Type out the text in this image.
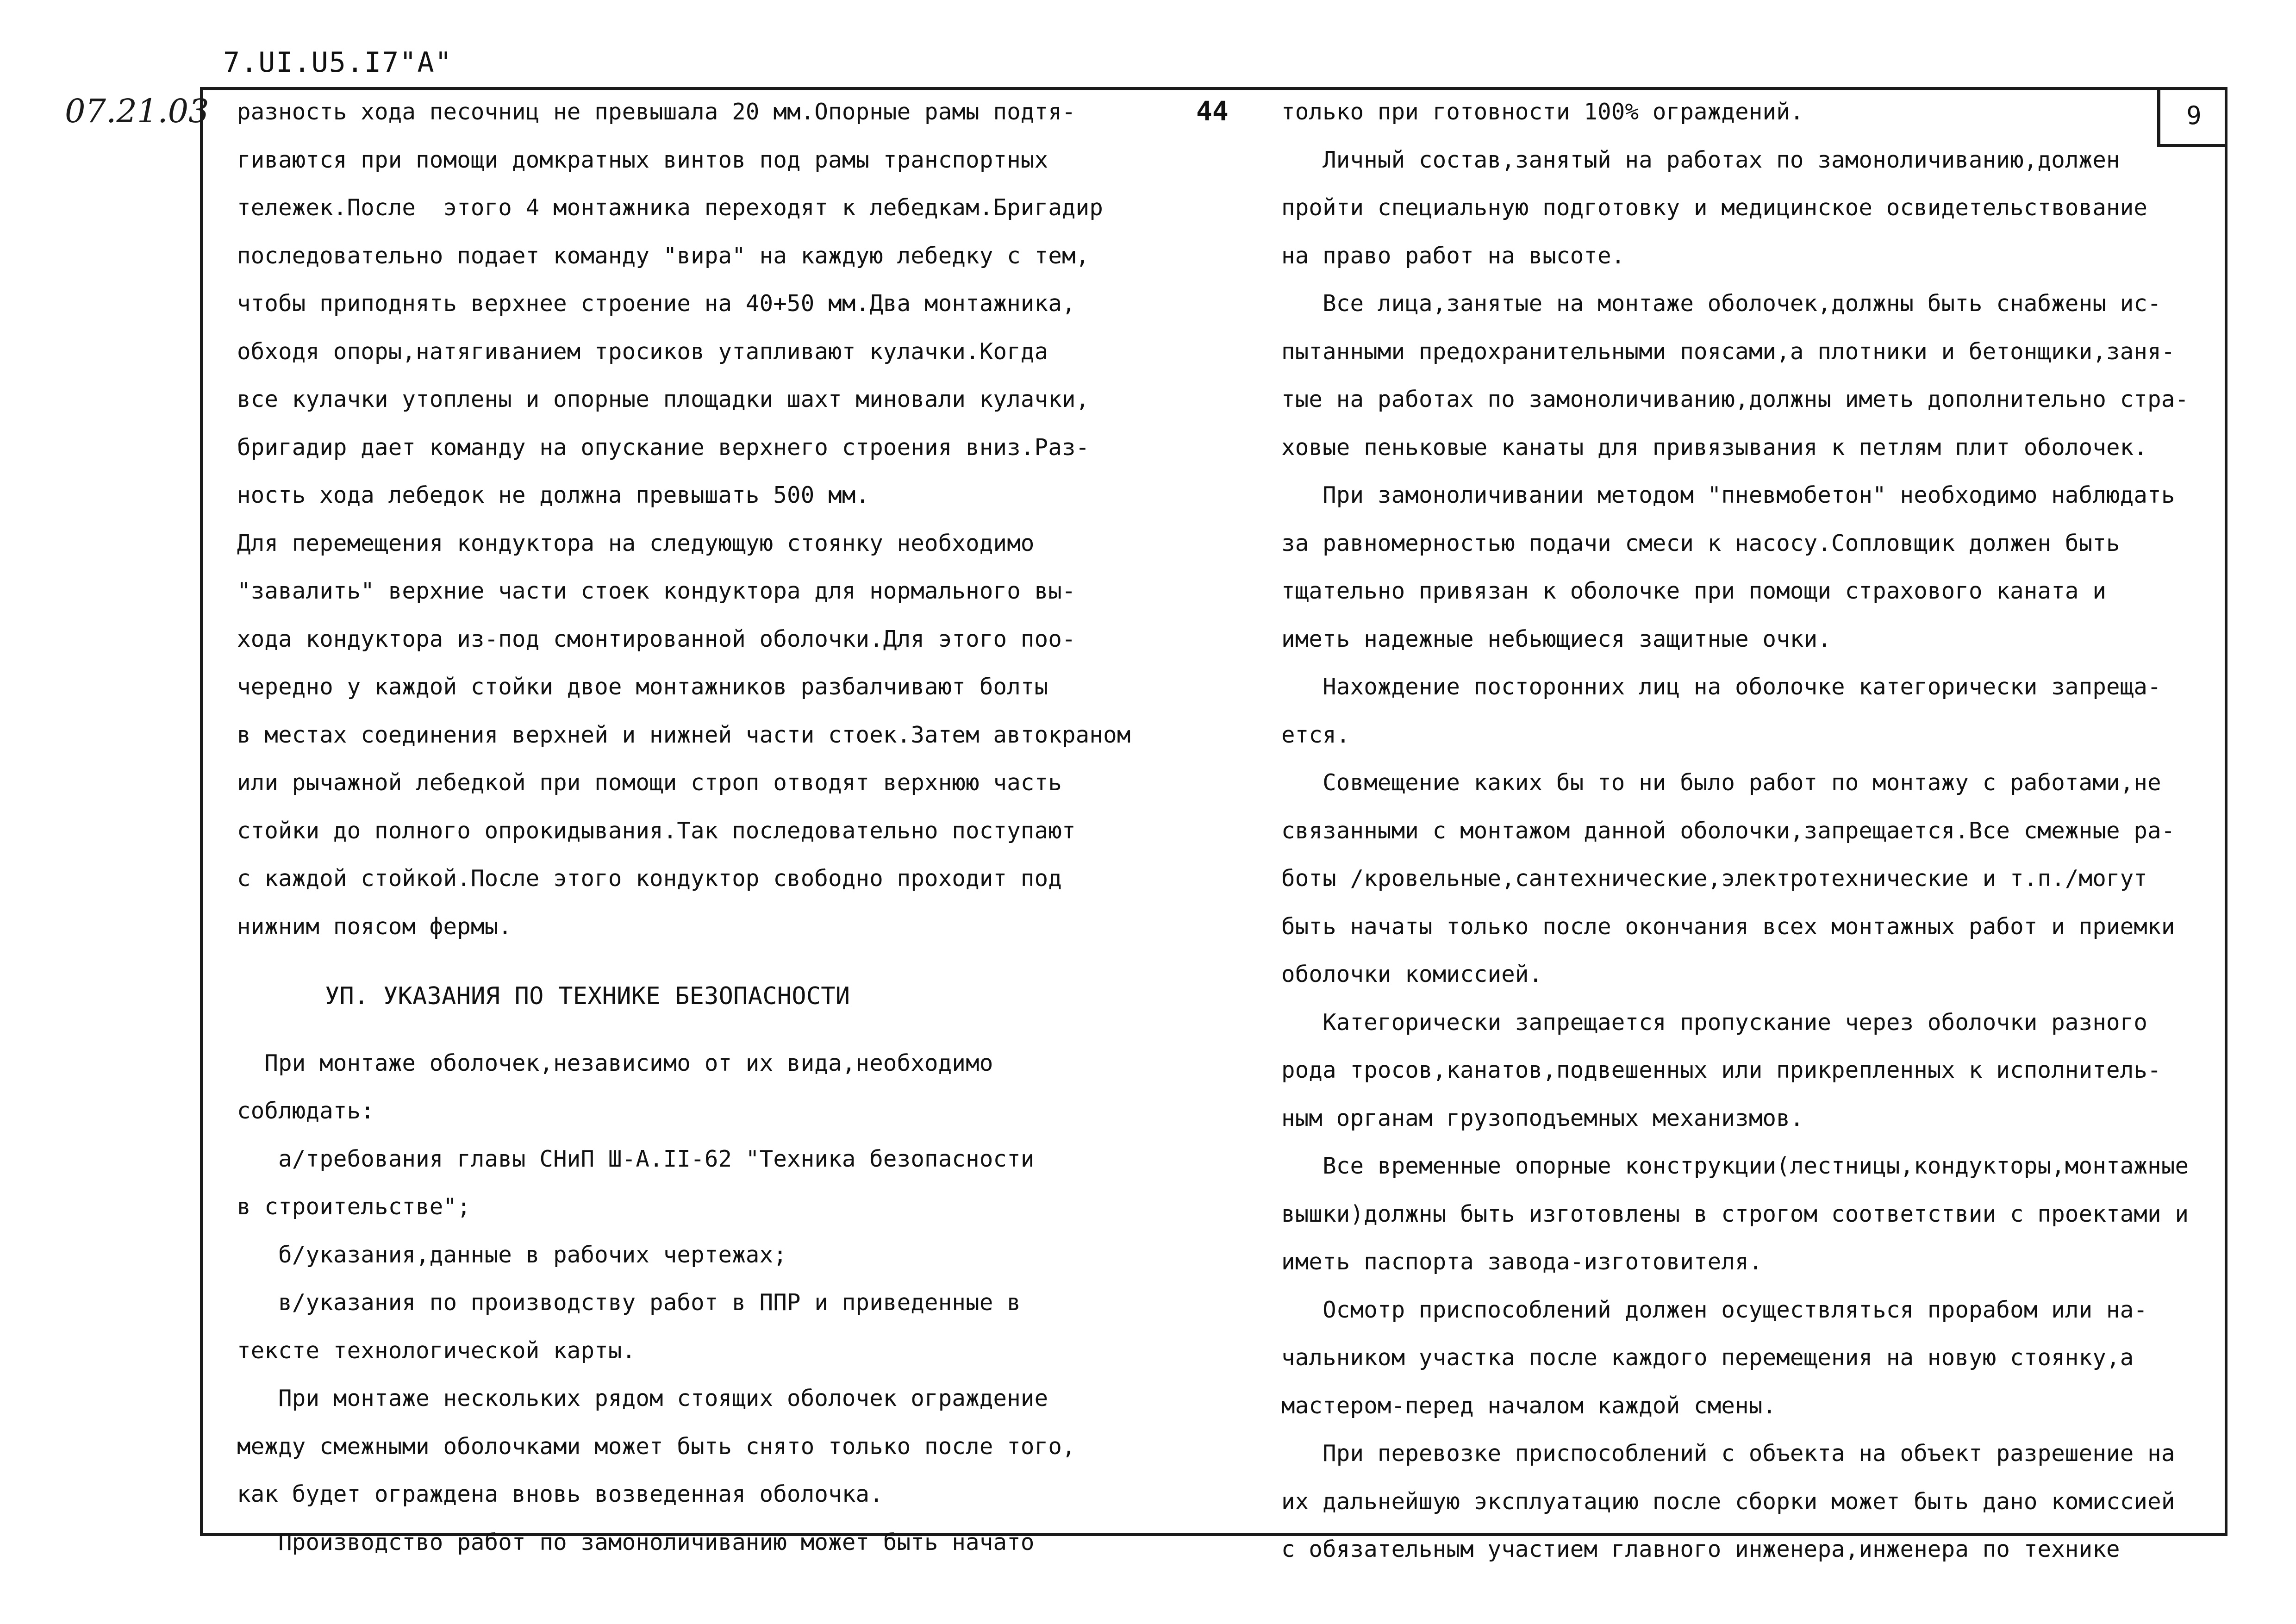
7.UI.U5.I7"A"
07.21.03	44	9

разность хода песочниц не превышала 20 мм.Опорные рамы подтя-

гиваются при помощи домкратных винтов под рамы транспортных

тележек.После  этого 4 монтажника переходят к лебедкам.Бригадир

последовательно подает команду "вира" на каждую лебедку с тем,

чтобы приподнять верхнее строение на 40+50 мм.Два монтажника,

обходя опоры,натягиванием тросиков утапливают кулачки.Когда

все кулачки утоплены и опорные площадки шахт миновали кулачки,

бригадир дает команду на опускание верхнего строения вниз.Раз-

ность хода лебедок не должна превышать 500 мм.

Для перемещения кондуктора на следующую стоянку необходимо

"завалить" верхние части стоек кондуктора для нормального вы-

хода кондуктора из-под смонтированной оболочки.Для этого поо-

чередно у каждой стойки двое монтажников разбалчивают болты

в местах соединения верхней и нижней части стоек.Затем автокраном

или рычажной лебедкой при помощи строп отводят верхнюю часть

стойки до полного опрокидывания.Так последовательно поступают

с каждой стойкой.После этого кондуктор свободно проходит под

нижним поясом фермы.

УП. УКАЗАНИЯ ПО ТЕХНИКЕ БЕЗОПАСНОСТИ

При монтаже оболочек,независимо от их вида,необходимо

соблюдать:

а/требования главы СНиП Ш-А.II-62 "Техника безопасности

в строительстве";

б/указания,данные в рабочих чертежах;

в/указания по производству работ в ППР и приведенные в

тексте технологической карты.

При монтаже нескольких рядом стоящих оболочек ограждение

между смежными оболочками может быть снято только после того,

как будет ограждена вновь возведенная оболочка.

Производство работ по замоноличиванию может быть начато

только при готовности 100% ограждений.

Личный состав,занятый на работах по замоноличиванию,должен

пройти специальную подготовку и медицинское освидетельствование

на право работ на высоте.

Все лица,занятые на монтаже оболочек,должны быть снабжены ис-

пытанными предохранительными поясами,а плотники и бетонщики,заня-

тые на работах по замоноличиванию,должны иметь дополнительно стра-

ховые пеньковые канаты для привязывания к петлям плит оболочек.

При замоноличивании методом "пневмобетон" необходимо наблюдать

за равномерностью подачи смеси к насосу.Сопловщик должен быть

тщательно привязан к оболочке при помощи страхового каната и

иметь надежные небьющиеся защитные очки.

Нахождение посторонних лиц на оболочке категорически запреща-

ется.

Совмещение каких бы то ни было работ по монтажу с работами,не

связанными с монтажом данной оболочки,запрещается.Все смежные ра-

боты /кровельные,сантехнические,электротехнические и т.п./могут

быть начаты только после окончания всех монтажных работ и приемки

оболочки комиссией.

Категорически запрещается пропускание через оболочки разного

рода тросов,канатов,подвешенных или прикрепленных к исполнитель-

ным органам грузоподъемных механизмов.

Все временные опорные конструкции(лестницы,кондукторы,монтажные

вышки)должны быть изготовлены в строгом соответствии с проектами и

иметь паспорта завода-изготовителя.

Осмотр приспособлений должен осуществляться прорабом или на-

чальником участка после каждого перемещения на новую стоянку,а

мастером-перед началом каждой смены.

При перевозке приспособлений с объекта на объект разрешение на

их дальнейшую эксплуатацию после сборки может быть дано комиссией

с обязательным участием главного инженера,инженера по технике
